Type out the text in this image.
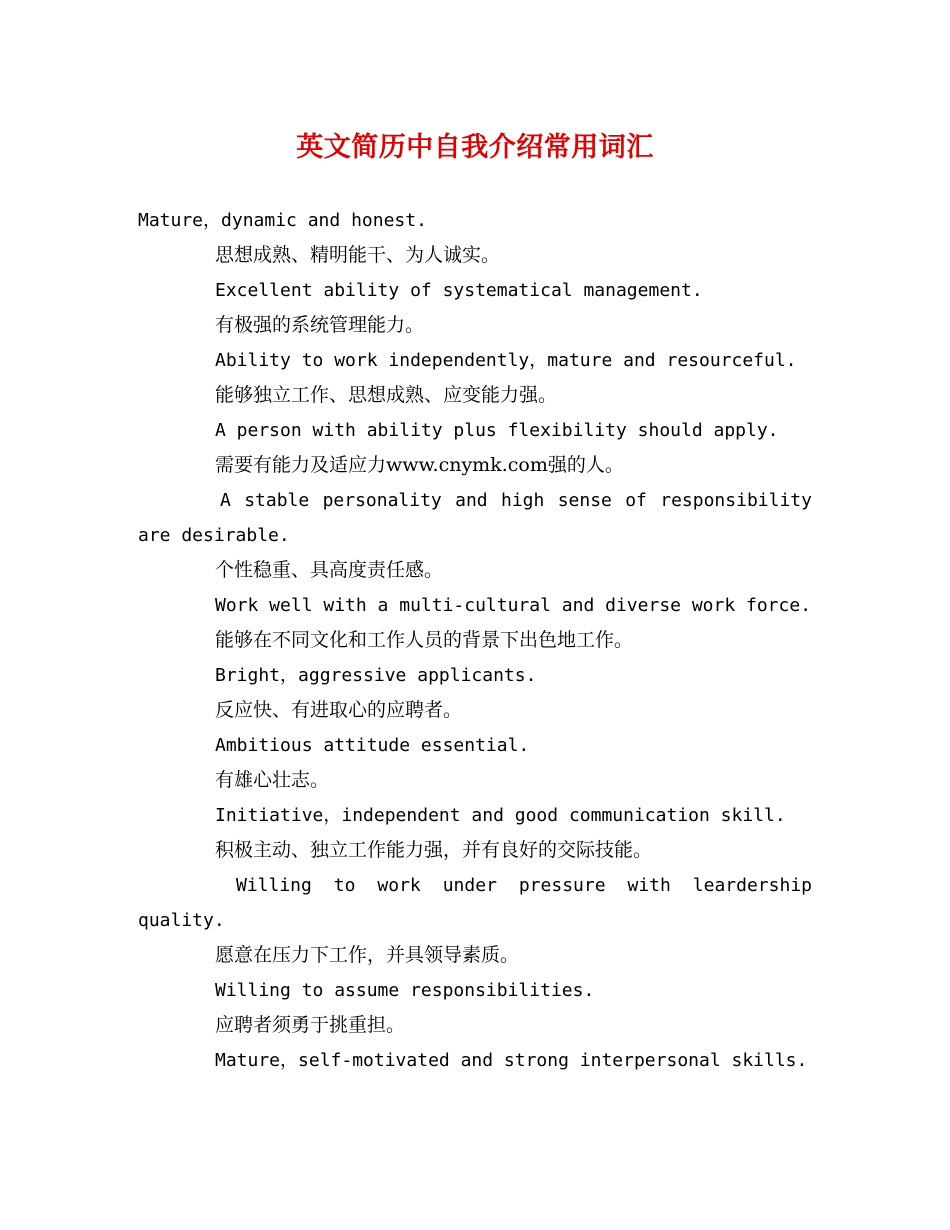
英文简历中自我介绍常用词汇
Mature，dynamic and honest.
思想成熟、精明能干、为人诚实。
Excellent ability of systematical management.
有极强的系统管理能力。
Ability to work independently，mature and resourceful.
能够独立工作、思想成熟、应变能力强。
A person with ability plus flexibility should apply.
需要有能力及适应力www.cnymk.com强的人。
A stable personality and high sense of responsibility
are desirable.
个性稳重、具高度责任感。
Work well with a multi-cultural and diverse work force.
能够在不同文化和工作人员的背景下出色地工作。
Bright，aggressive applicants.
反应快、有进取心的应聘者。
Ambitious attitude essential.
有雄心壮志。
Initiative，independent and good communication skill.
积极主动、独立工作能力强，并有良好的交际技能。
Willing to work under pressure with leardership
quality.
愿意在压力下工作，并具领导素质。
Willing to assume responsibilities.
应聘者须勇于挑重担。
Mature，self-motivated and strong interpersonal skills.
